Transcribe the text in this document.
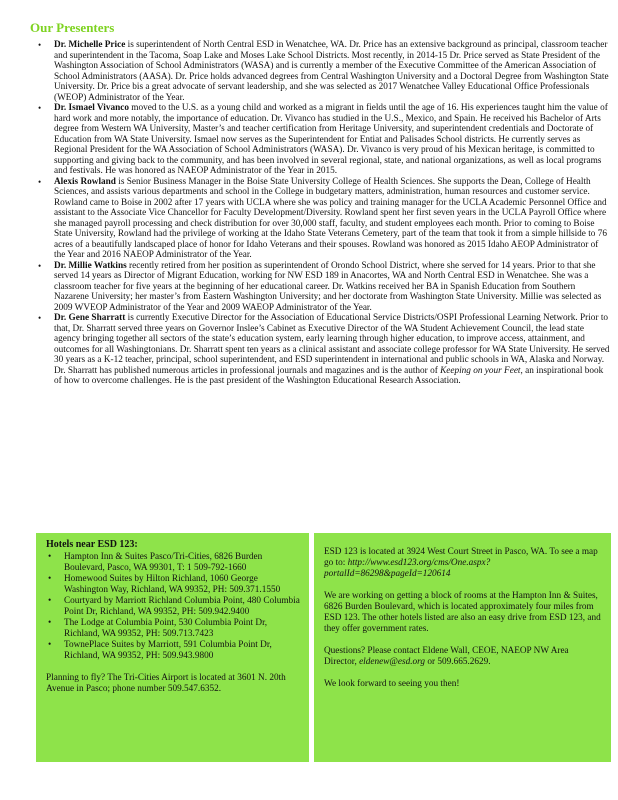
Our Presenters
• Dr. Michelle Price is superintendent of North Central ESD in Wenatchee, WA. Dr. Price has an extensive background as principal, classroom teacher and superintendent in the Tacoma, Soap Lake and Moses Lake School Districts. Most recently, in 2014-15 Dr. Price served as State President of the Washington Association of School Administrators (WASA) and is currently a member of the Executive Committee of the American Association of School Administrators (AASA). Dr. Price holds advanced degrees from Central Washington University and a Doctoral Degree from Washington State University. Dr. Price bis a great advocate of servant leadership, and she was selected as 2017 Wenatchee Valley Educational Office Professionals (WEOP) Administrator of the Year.
• Dr. Ismael Vivanco moved to the U.S. as a young child and worked as a migrant in fields until the age of 16. His experiences taught him the value of hard work and more notably, the importance of education. Dr. Vivanco has studied in the U.S., Mexico, and Spain. He received his Bachelor of Arts degree from Western WA University, Master’s and teacher certification from Heritage University, and superintendent credentials and Doctorate of Education from WA State University. Ismael now serves as the Superintendent for Entiat and Palisades School districts. He currently serves as Regional President for the WA Association of School Administrators (WASA). Dr. Vivanco is very proud of his Mexican heritage, is committed to supporting and giving back to the community, and has been involved in several regional, state, and national organizations, as well as local programs and festivals. He was honored as NAEOP Administrator of the Year in 2015.
• Alexis Rowland is Senior Business Manager in the Boise State University College of Health Sciences. She supports the Dean, College of Health Sciences, and assists various departments and school in the College in budgetary matters, administration, human resources and customer service. Rowland came to Boise in 2002 after 17 years with UCLA where she was policy and training manager for the UCLA Academic Personnel Office and assistant to the Associate Vice Chancellor for Faculty Development/Diversity. Rowland spent her first seven years in the UCLA Payroll Office where she managed payroll processing and check distribution for over 30,000 staff, faculty, and student employees each month. Prior to coming to Boise State University, Rowland had the privilege of working at the Idaho State Veterans Cemetery, part of the team that took it from a simple hillside to 76 acres of a beautifully landscaped place of honor for Idaho Veterans and their spouses. Rowland was honored as 2015 Idaho AEOP Administrator of the Year and 2016 NAEOP Administrator of the Year.
• Dr. Millie Watkins recently retired from her position as superintendent of Orondo School District, where she served for 14 years. Prior to that she served 14 years as Director of Migrant Education, working for NW ESD 189 in Anacortes, WA and North Central ESD in Wenatchee. She was a classroom teacher for five years at the beginning of her educational career. Dr. Watkins received her BA in Spanish Education from Southern Nazarene University; her master’s from Eastern Washington University; and her doctorate from Washington State University. Millie was selected as 2009 WVEOP Administrator of the Year and 2009 WAEOP Administrator of the Year.
• Dr. Gene Sharratt is currently Executive Director for the Association of Educational Service Districts/OSPI Professional Learning Network. Prior to that, Dr. Sharratt served three years on Governor Inslee’s Cabinet as Executive Director of the WA Student Achievement Council, the lead state agency bringing together all sectors of the state’s education system, early learning through higher education, to improve access, attainment, and outcomes for all Washingtonians. Dr. Sharratt spent ten years as a clinical assistant and associate college professor for WA State University. He served 30 years as a K-12 teacher, principal, school superintendent, and ESD superintendent in international and public schools in WA, Alaska and Norway. Dr. Sharratt has published numerous articles in professional journals and magazines and is the author of Keeping on your Feet, an inspirational book of how to overcome challenges. He is the past president of the Washington Educational Research Association.

Hotels near ESD 123:

• Hampton Inn & Suites Pasco/Tri-Cities, 6826 Burden Boulevard, Pasco, WA 99301, T: 1 509-792-1660
• Homewood Suites by Hilton Richland, 1060 George Washington Way, Richland, WA 99352, PH: 509.371.1550
• Courtyard by Marriott Richland Columbia Point, 480 Columbia Point Dr, Richland, WA 99352, PH: 509.942.9400
• The Lodge at Columbia Point, 530 Columbia Point Dr, Richland, WA 99352, PH: 509.713.7423
• TownePlace Suites by Marriott, 591 Columbia Point Dr, Richland, WA 99352, PH: 509.943.9800

Planning to fly? The Tri-Cities Airport is located at 3601 N. 20th Avenue in Pasco; phone number 509.547.6352.

ESD 123 is located at 3924 West Court Street in Pasco, WA. To see a map go to: http://www.esd123.org/cms/One.aspx?portalId=86298&pageId=120614

We are working on getting a block of rooms at the Hampton Inn & Suites, 6826 Burden Boulevard, which is located approximately four miles from ESD 123. The other hotels listed are also an easy drive from ESD 123, and they offer government rates.

Questions? Please contact Eldene Wall, CEOE, NAEOP NW Area Director, eldenew@esd.org or 509.665.2629.

We look forward to seeing you then!
